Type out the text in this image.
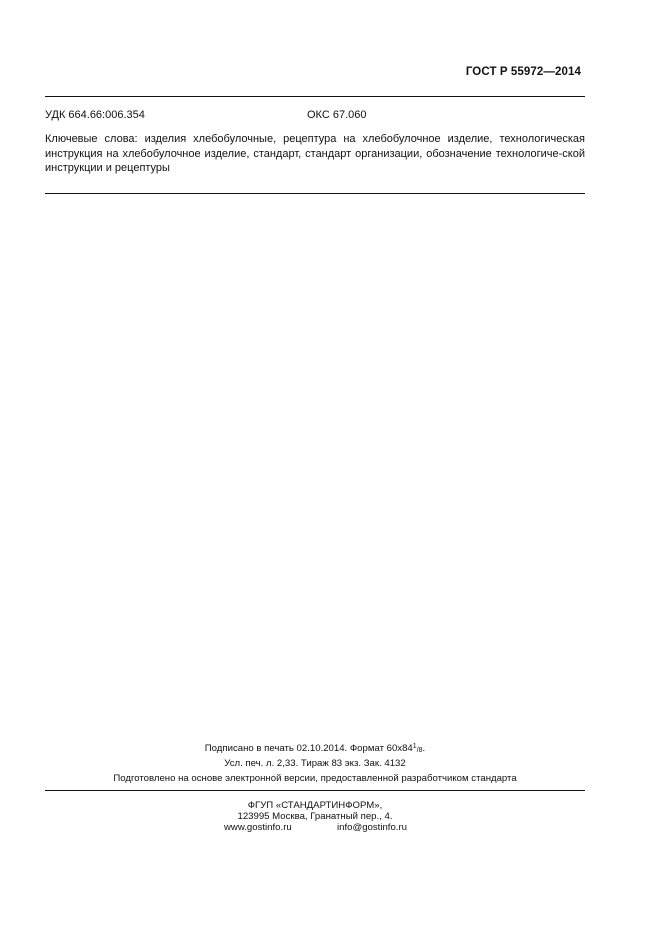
ГОСТ Р 55972—2014
УДК 664.66:006.354	ОКС 67.060
Ключевые слова: изделия хлебобулочные, рецептура на хлебобулочное изделие, технологическая инструкция на хлебобулочное изделие, стандарт, стандарт организации, обозначение технологиче-ской инструкции и рецептуры
Подписано в печать 02.10.2014. Формат $60x84^1/8$.
Усл. печ. л. 2,33. Тираж 83 экз. Зак. 4132
Подготовлено на основе электронной версии, предоставленной разработчиком стандарта
ФГУП «СТАНДАРТИНФОРМ»,
123995 Москва, Гранатный пер., 4.
www.gostinfo.ru	info@gostinfo.ru
